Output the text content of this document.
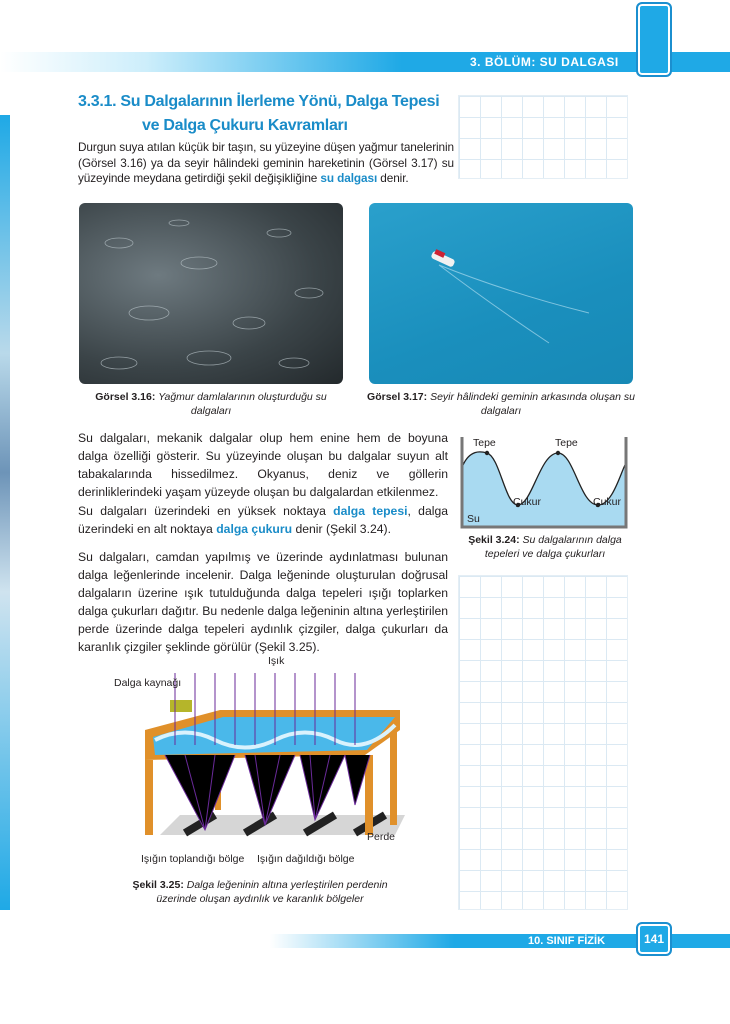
3. BÖLÜM: SU DALGASI
3.3.1. Su Dalgalarının İlerleme Yönü, Dalga Tepesi
ve Dalga Çukuru Kavramları

Durgun suya atılan küçük bir taşın, su yüzeyine düşen yağmur tanelerinin (Görsel 3.16) ya da seyir hâlindeki geminin hareketinin (Görsel 3.17) su yüzeyinde meydana getirdiği şekil değişikliğine su dalgası denir.

Görsel 3.16: Yağmur damlalarının oluşturduğu su dalgaları
Görsel 3.17: Seyir hâlindeki geminin arkasında oluşan su dalgaları

Su dalgaları, mekanik dalgalar olup hem enine hem de boyuna dalga özelliği gösterir. Su yüzeyinde oluşan bu dalgalar suyun alt tabakalarında hissedilmez. Okyanus, deniz ve göllerin derinliklerindeki yaşam yüzeyde oluşan bu dalgalardan etkilenmez.

Su dalgaları üzerindeki en yüksek noktaya dalga tepesi, dalga üzerindeki en alt noktaya dalga çukuru denir (Şekil 3.24).

Su dalgaları, camdan yapılmış ve üzerinde aydınlatması bulunan dalga leğenlerinde incelenir. Dalga leğeninde oluşturulan doğrusal dalgaların üzerine ışık tutulduğunda dalga tepeleri ışığı toplarken dalga çukurları dağıtır. Bu nedenle dalga leğeninin altına yerleştirilen perde üzerinde dalga tepeleri aydınlık çizgiler, dalga çukurları da karanlık çizgiler şeklinde görülür (Şekil 3.25).

Tepe	Tepe
Çukur	Çukur
Su
Şekil 3.24: Su dalgalarının dalga tepeleri ve dalga çukurları
Işık
Dalga kaynağı
Perde
Işığın toplandığı bölge Işığın dağıldığı bölge
Şekil 3.25: Dalga leğeninin altına yerleştirilen perdenin üzerinde oluşan aydınlık ve karanlık bölgeler
10. SINIF FİZİK	141
